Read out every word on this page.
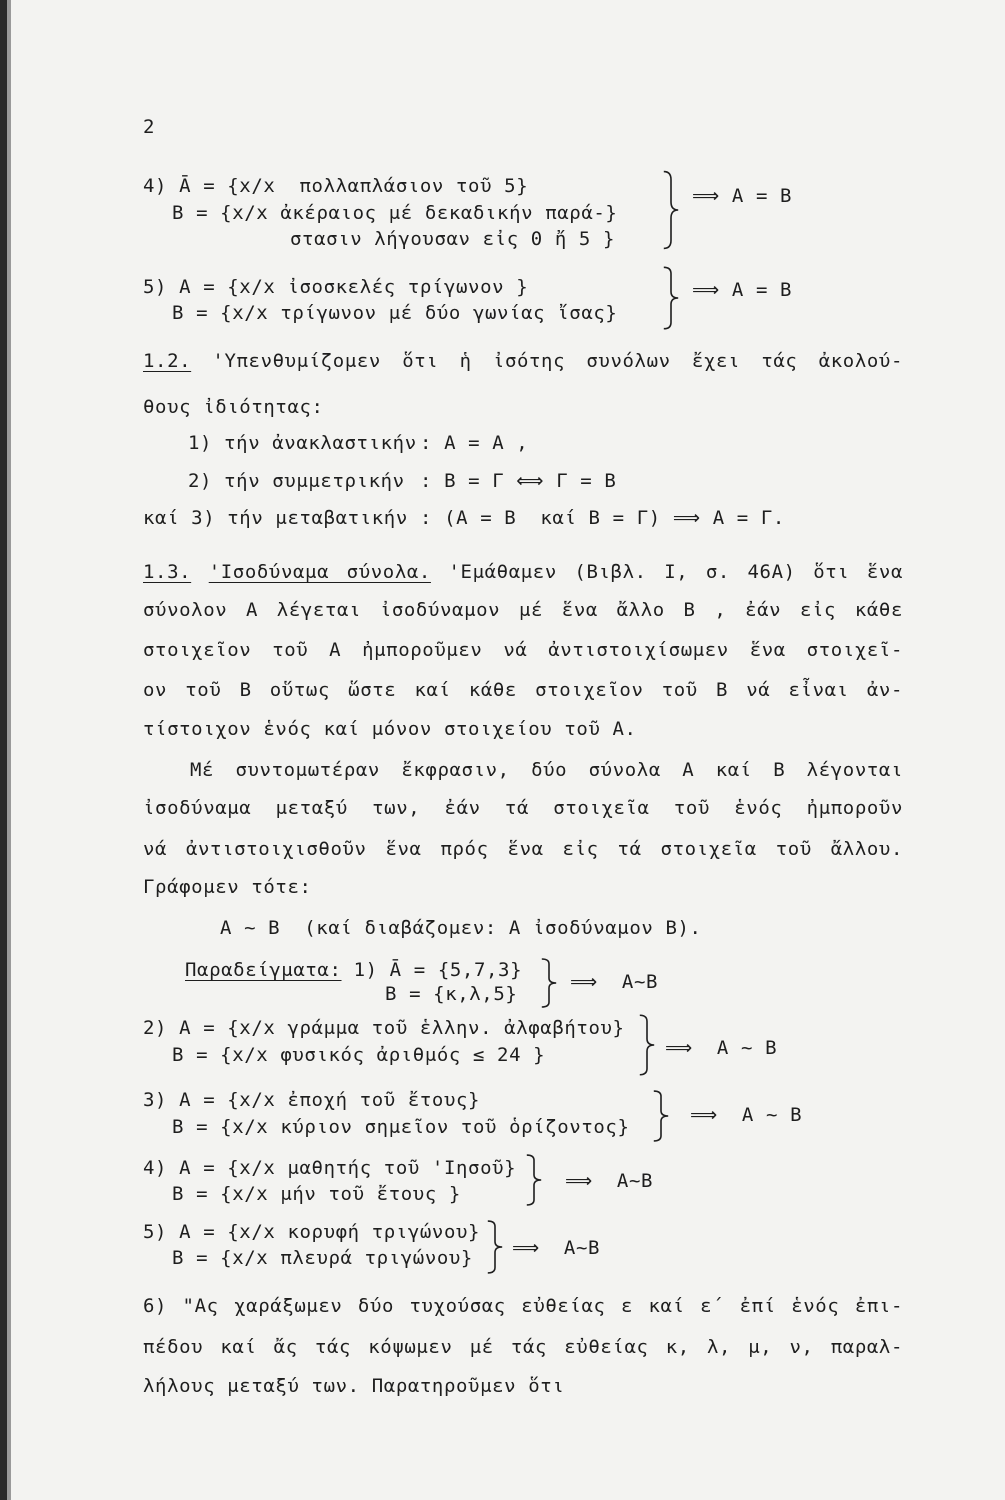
2
4) Ā = {x/x  πολλαπλάσιον τοῦ 5}
B = {x/x ἀκέραιος μέ δεκαδικήν παρά-}
στασιν λήγουσαν εἰς 0 ἤ 5 }
⟹ A = B
5) A = {x/x ἰσοσκελές τρίγωνον }
B = {x/x τρίγωνον μέ δύο γωνίας ἴσας}
⟹ A = B
1.2. 'Υπενθυμίζομεν ὅτι ἡ ἰσότης συνόλων ἔχει τάς ἀκολού-
θους ἰδιότητας:
1) τήν ἀνακλαστικήν : A = A ,
2) τήν συμμετρικήν : B = Γ ⟺ Γ = B
καί 3) τήν μεταβατικήν : (A = B  καί B = Γ) ⟹ A = Γ.
1.3. 'Ισοδύναμα σύνολα. 'Εμάθαμεν (Βιβλ. Ι, σ. 46Α) ὅτι ἕνα
σύνολον A λέγεται ἰσοδύναμον μέ ἕνα ἄλλο B , ἐάν εἰς κάθε
στοιχεῖον τοῦ A ἠμποροῦμεν νά ἀντιστοιχίσωμεν ἕνα στοιχεῖ-
ον τοῦ B οὕτως ὥστε καί κάθε στοιχεῖον τοῦ B νά εἶναι ἀν-
τίστοιχον ἑνός καί μόνον στοιχείου τοῦ A.
Μέ συντομωτέραν ἔκφρασιν, δύο σύνολα A καί B λέγονται
ἰσοδύναμα μεταξύ των, ἐάν τά στοιχεῖα τοῦ ἑνός ἠμποροῦν
νά ἀντιστοιχισθοῦν ἕνα πρός ἕνα εἰς τά στοιχεῖα τοῦ ἄλλου.
Γράφομεν τότε:
A ~ B  (καί διαβάζομεν: A ἰσοδύναμον B).
Παραδείγματα: 1) Ā = {5,7,3}
B = {κ,λ,5}
⟹  A~B
2) A = {x/x γράμμα τοῦ ἑλλην. ἀλφαβήτου}
B = {x/x φυσικός ἀριθμός ≤ 24 }	⟹  A ~ B
3) A = {x/x ἐποχή τοῦ ἔτους}
B = {x/x κύριον σημεῖον τοῦ ὁρίζοντος}
⟹  A ~ B
4) A = {x/x μαθητής τοῦ 'Ιησοῦ}
B = {x/x μήν τοῦ ἔτους }
⟹  A~B
5) A = {x/x κορυφή τριγώνου}
B = {x/x πλευρά τριγώνου} ⟹  A~B
6) "Ας χαράξωμεν δύο τυχούσας εὐθείας ε καί ε΄ ἐπί ἑνός ἐπι-
πέδου καί ἄς τάς κόψωμεν μέ τάς εὐθείας κ, λ, μ, ν, παραλ-
λήλους μεταξύ των. Παρατηροῦμεν ὅτι
